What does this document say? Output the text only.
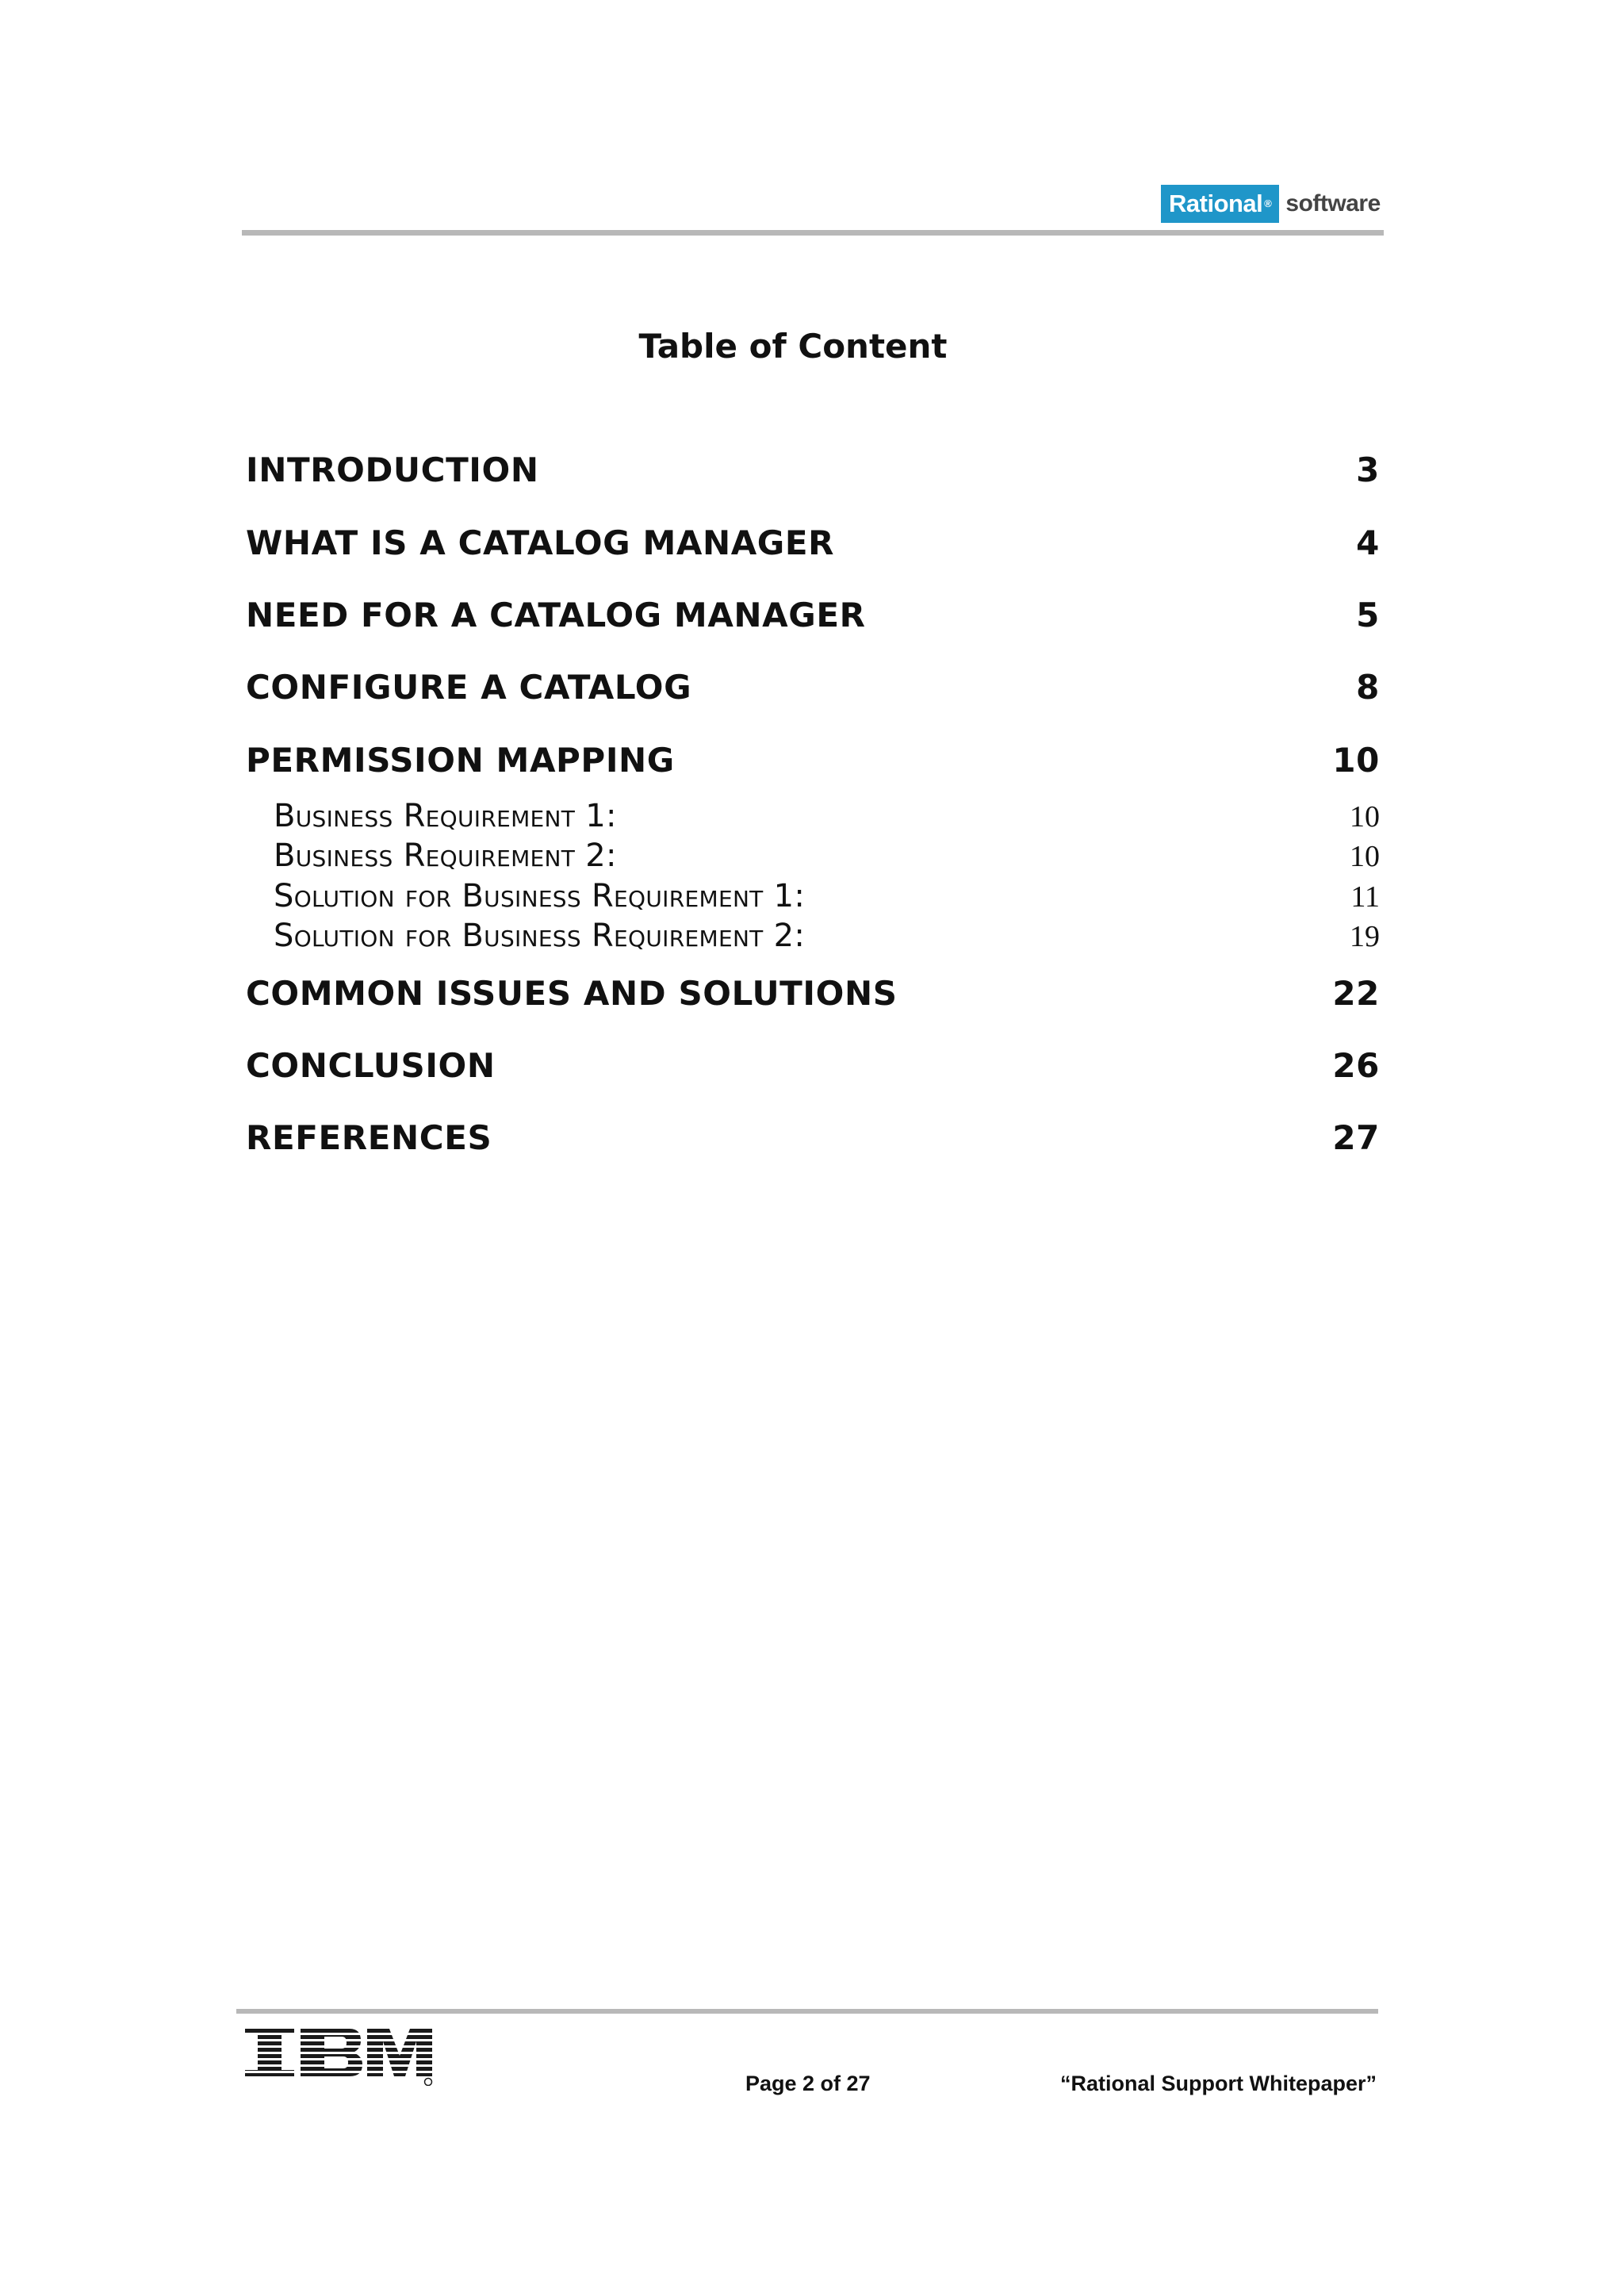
Rational ® software
Table of Content
INTRODUCTION	3
WHAT IS A CATALOG MANAGER	4
NEED FOR A CATALOG MANAGER	5
CONFIGURE A CATALOG	8
PERMISSION MAPPING	10
Business Requirement 1:	10
Business Requirement 2:	10
Solution for Business Requirement 1:	11
Solution for Business Requirement 2:	19
COMMON ISSUES AND SOLUTIONS	22
CONCLUSION	26
REFERENCES	27
Page 2 of 27	“Rational Support Whitepaper”
